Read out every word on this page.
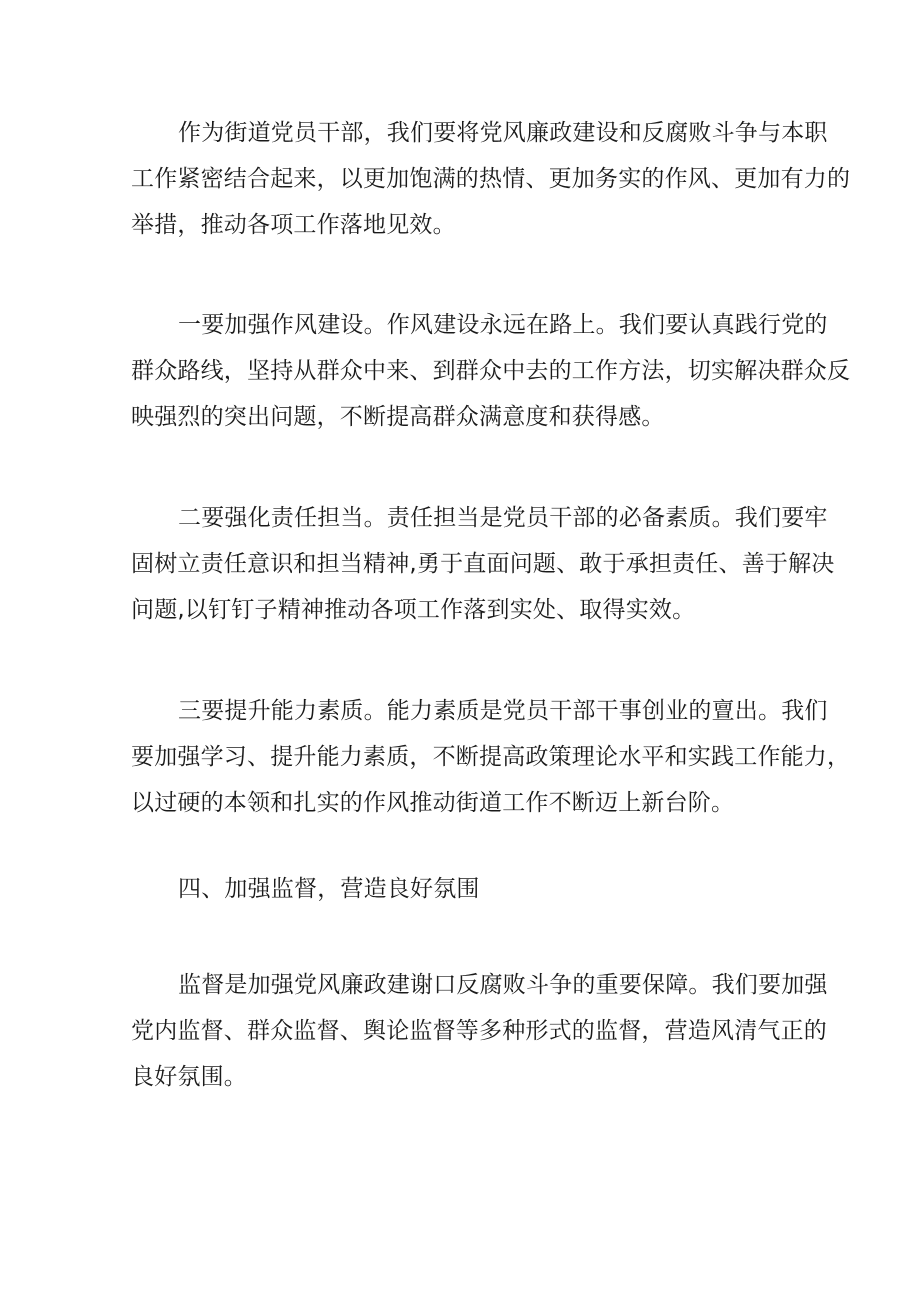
作为街道党员干部，我们要将党风廉政建设和反腐败斗争与本职
工作紧密结合起来，以更加饱满的热情、更加务实的作风、更加有力的
举措，推动各项工作落地见效。
一要加强作风建设。作风建设永远在路上。我们要认真践行党的
群众路线，坚持从群众中来、到群众中去的工作方法，切实解决群众反
映强烈的突出问题，不断提高群众满意度和获得感。
二要强化责任担当。责任担当是党员干部的必备素质。我们要牢
固树立责任意识和担当精神,勇于直面问题、敢于承担责任、善于解决
问题,以钉钉子精神推动各项工作落到实处、取得实效。
三要提升能力素质。能力素质是党员干部干事创业的亶出。我们
要加强学习、提升能力素质，不断提高政策理论水平和实践工作能力，
以过硬的本领和扎实的作风推动街道工作不断迈上新台阶。
四、加强监督，营造良好氛围
监督是加强党风廉政建谢口反腐败斗争的重要保障。我们要加强
党内监督、群众监督、舆论监督等多种形式的监督，营造风清气正的
良好氛围。
